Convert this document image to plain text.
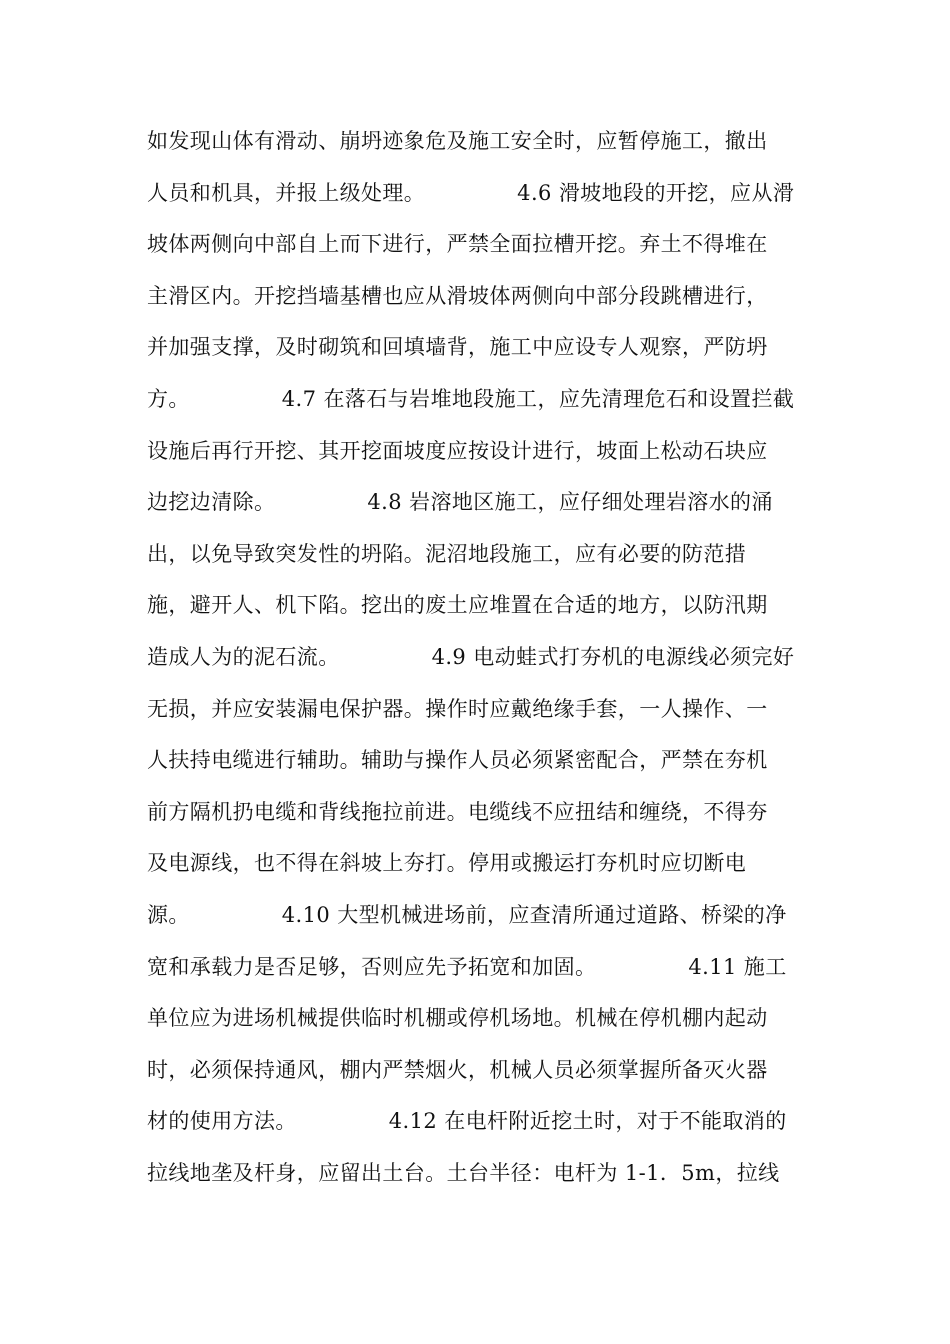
如发现山体有滑动、崩坍迹象危及施工安全时，应暂停施工，撤出
人员和机具，并报上级处理。             4.6 滑坡地段的开挖，应从滑
坡体两侧向中部自上而下进行，严禁全面拉槽开挖。弃土不得堆在
主滑区内。开挖挡墙基槽也应从滑坡体两侧向中部分段跳槽进行，
并加强支撑，及时砌筑和回填墙背，施工中应设专人观察，严防坍
方。             4.7 在落石与岩堆地段施工，应先清理危石和设置拦截
设施后再行开挖、其开挖面坡度应按设计进行，坡面上松动石块应
边挖边清除。             4.8 岩溶地区施工，应仔细处理岩溶水的涌
出，以免导致突发性的坍陷。泥沼地段施工，应有必要的防范措
施，避开人、机下陷。挖出的废土应堆置在合适的地方，以防汛期
造成人为的泥石流。             4.9 电动蛙式打夯机的电源线必须完好
无损，并应安装漏电保护器。操作时应戴绝缘手套，一人操作、一
人扶持电缆进行辅助。辅助与操作人员必须紧密配合，严禁在夯机
前方隔机扔电缆和背线拖拉前进。电缆线不应扭结和缠绕，不得夯
及电源线，也不得在斜坡上夯打。停用或搬运打夯机时应切断电
源。             4.10 大型机械进场前，应查清所通过道路、桥梁的净
宽和承载力是否足够，否则应先予拓宽和加固。             4.11 施工
单位应为进场机械提供临时机棚或停机场地。机械在停机棚内起动
时，必须保持通风，棚内严禁烟火，机械人员必须掌握所备灭火器
材的使用方法。             4.12 在电杆附近挖土时，对于不能取消的
拉线地垄及杆身，应留出土台。土台半径：电杆为 1-1．5m，拉线
